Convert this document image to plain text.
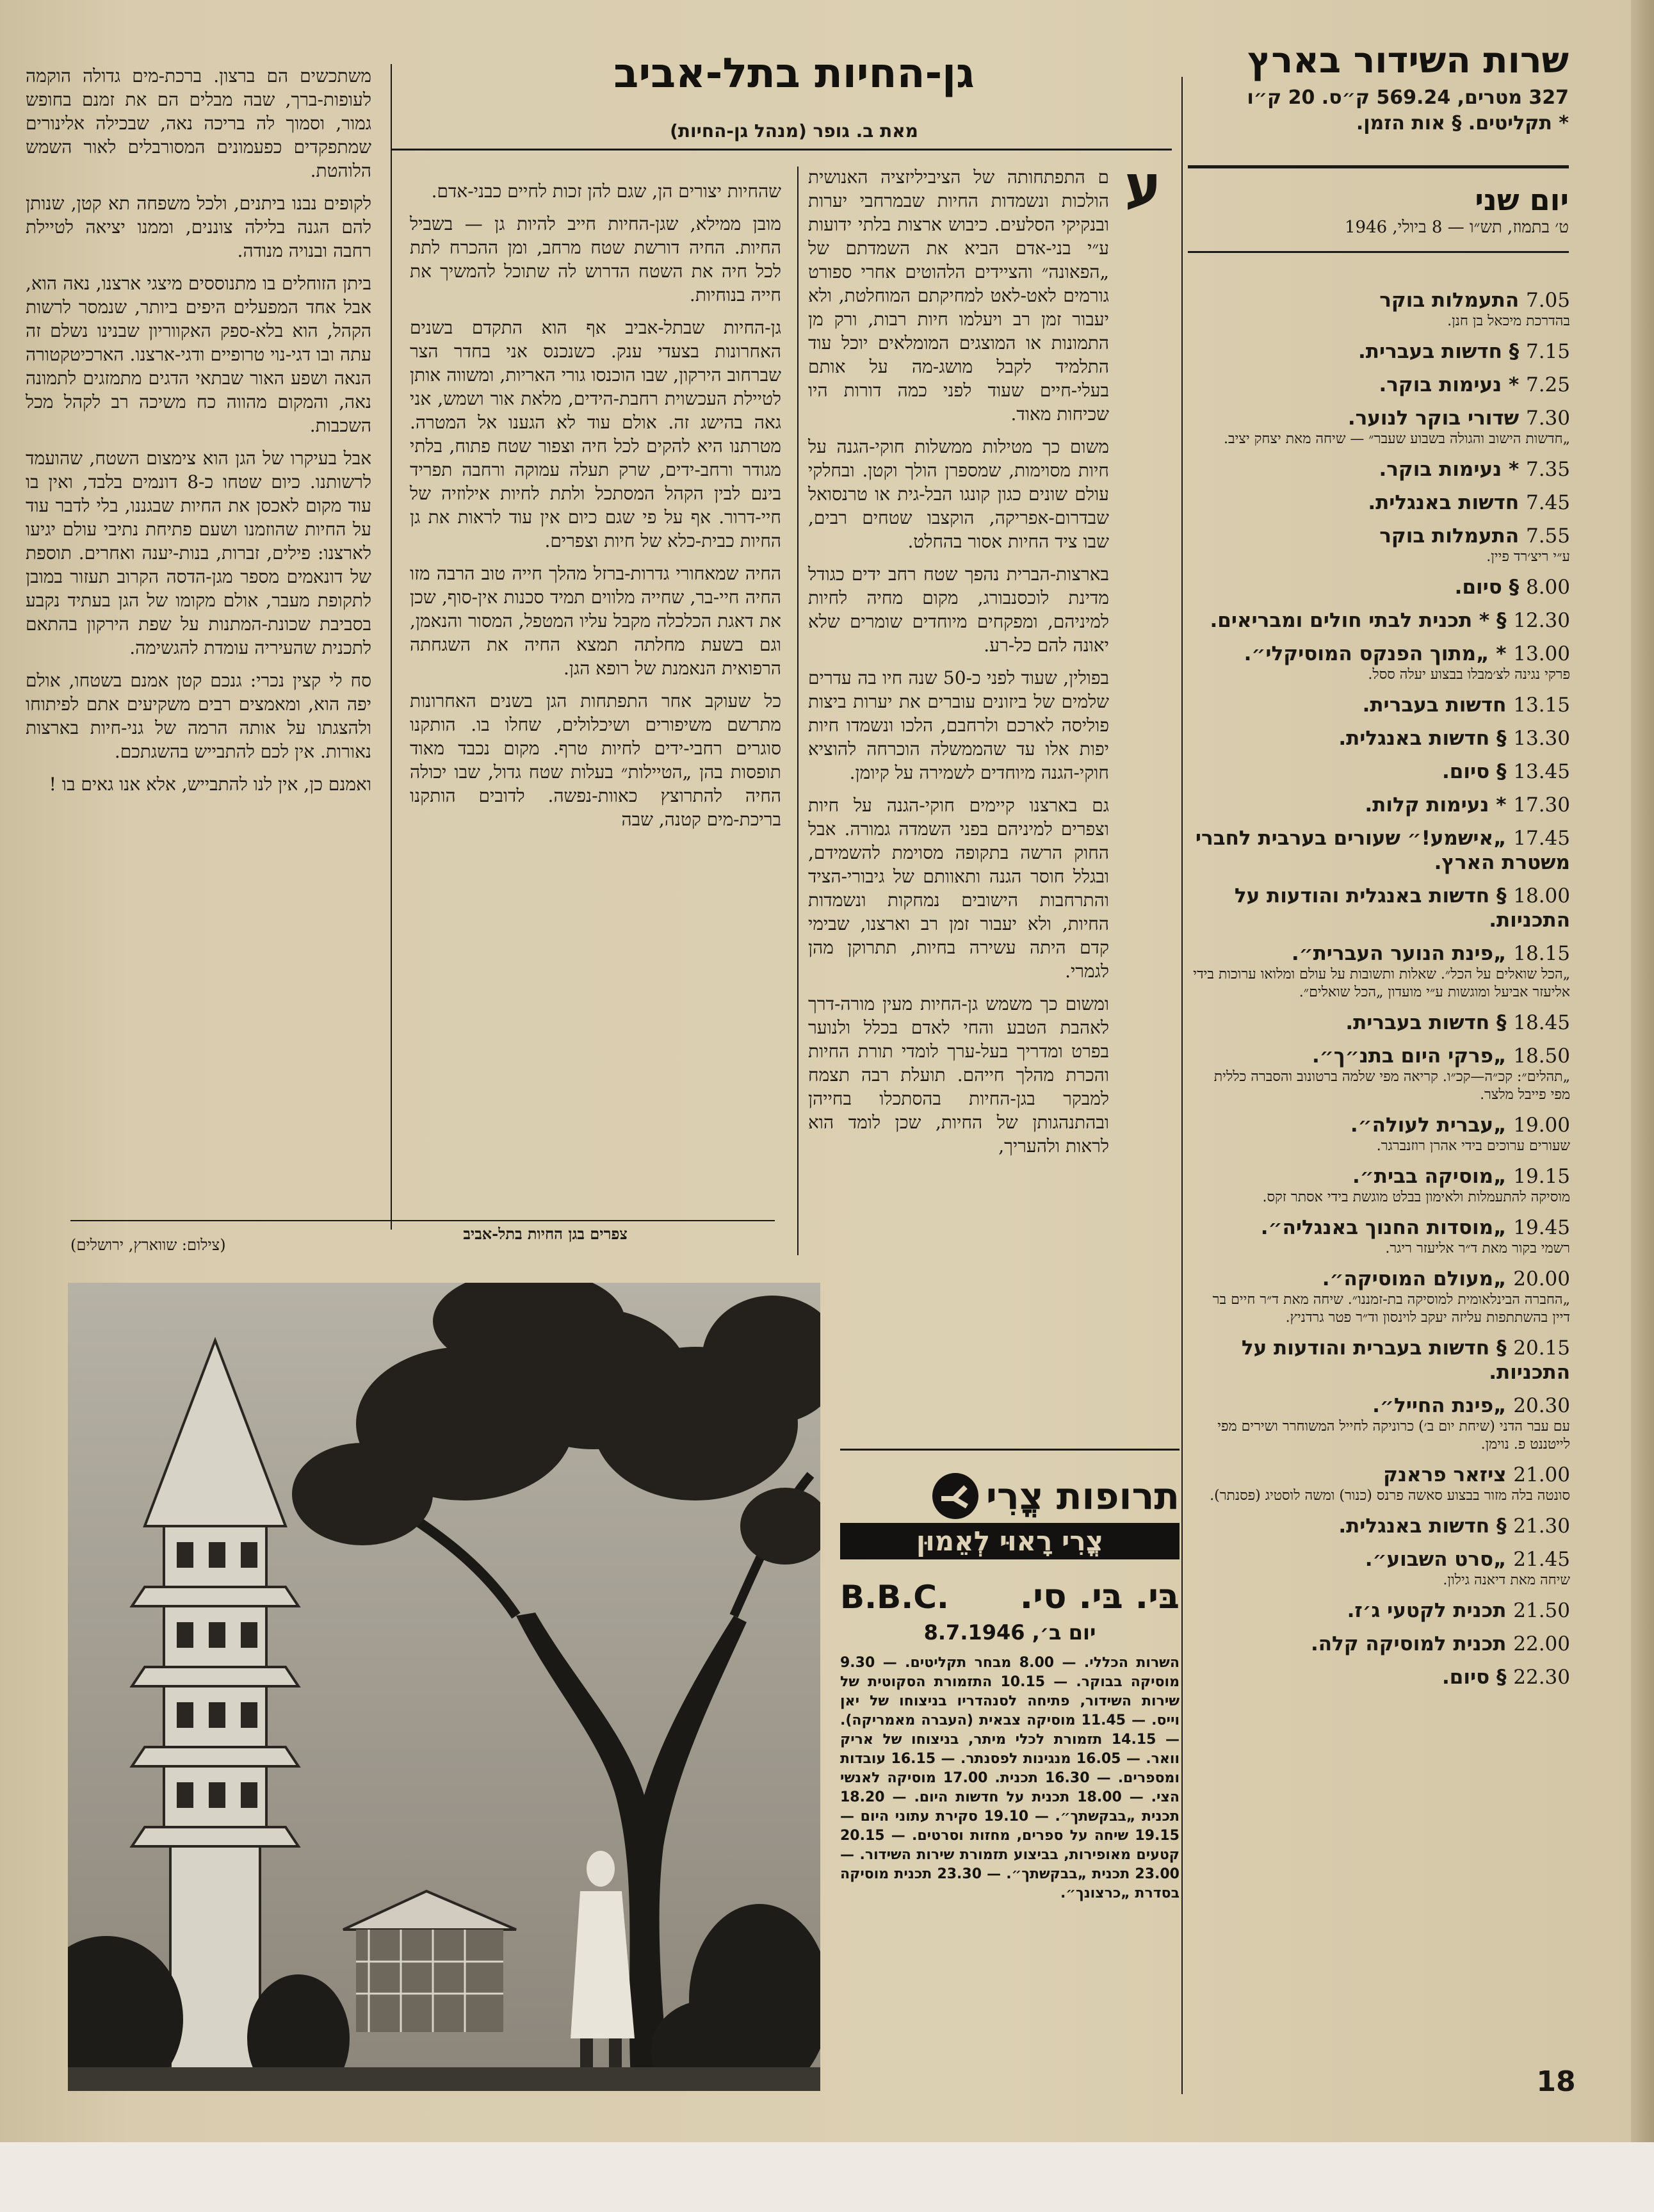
שרות השידור בארץ
327 מטרים, 569.24 ק״ס. 20 ק״ו
* תקליטים. § אות הזמן.
יום שני
ט׳ בתמוז, תש״ו — 8 ביולי, 1946
7.05 התעמלות בוקר
בהדרכת מיכאל בן חנן.
7.15 § חדשות בעברית.
7.25 * נעימות בוקר.
7.30 שדורי בוקר לנוער.
„חדשות הישוב והגולה בשבוע שעבר״ — שיחה מאת יצחק יציב.
7.35 * נעימות בוקר.
7.45 חדשות באנגלית.
7.55 התעמלות בוקר
ע״י ריצ׳רד פיין.
8.00 § סיום.
12.30 § * תכנית לבתי חולים ומבריאים.
13.00 * „מתוך הפנקס המוסיקלי״.
פרקי נגינה לצ׳מבלו בבצוע יעלה ססל.
13.15 חדשות בעברית.
13.30 § חדשות באנגלית.
13.45 § סיום.
17.30 * נעימות קלות.
17.45 „אישמע!״ שעורים בערבית לחברי משטרת הארץ.
18.00 § חדשות באנגלית והודעות על התכניות.
18.15 „פינת הנוער העברית״.
„הכל שואלים על הכל״. שאלות ותשובות על עולם ומלואו ערוכות בידי אליעזר אביעל ומוגשות ע״י מועדון „הכל שואלים״.
18.45 § חדשות בעברית.
18.50 „פרקי היום בתנ״ך״.
„תהלים״: קכ״ה—קכ״ו. קריאה מפי שלמה ברטונוב והסברה כללית מפי פייבל מלצר.
19.00 „עברית לעולה״.
שעורים ערוכים בידי אהרן רוזנברגר.
19.15 „מוסיקה בבית״.
מוסיקה להתעמלות ולאימון בבלט מוגשת בידי אסתר זקס.
19.45 „מוסדות החנוך באנגליה״.
רשמי בקור מאת ד״ר אליעזר ריגר.
20.00 „מעולם המוסיקה״.
„החברה הבינלאומית למוסיקה בת-זמננו״. שיחה מאת ד״ר חיים בר דיין בהשתתפות עליזה יעקב לוינסון וד״ר פטר גרדניץ.
20.15 § חדשות בעברית והודעות על התכניות.
20.30 „פינת החייל״.
עם עבר הדני (שיחת יום ב׳) כרוניקה לחייל המשוחרר ושירים מפי לייטננט פ. נוימן.
21.00 ציזאר פראנק
סונטה בלה מזור בבצוע סאשה פרנס (כנור) ומשה לוסטיג (פסנתר).
21.30 § חדשות באנגלית.
21.45 „סרט השבוע״.
שיחה מאת דיאנה גילון.
21.50 תכנית לקטעי ג׳ז.
22.00 תכנית למוסיקה קלה.
22.30 § סיום.
גן-החיות בתל-אביב
מאת ב. גופר (מנהל גן-החיות)
ע

ם התפתחותה של הציביליזציה האנושית הולכות ונשמדות החיות שבמרחבי יערות ובנקיקי הסלעים. כיבוש ארצות בלתי ידועות ע״י בני-אדם הביא את השמדתם של „הפאונה״ והציידים הלהוטים אחרי ספורט גורמים לאט-לאט למחיקתם המוחלטת, ולא יעבור זמן רב ויעלמו חיות רבות, ורק מן התמונות או המוצגים המומלאים יוכל עוד התלמיד לקבל מושג-מה על אותם בעלי-חיים שעוד לפני כמה דורות היו שכיחות מאוד.

משום כך מטילות ממשלות חוקי-הגנה על חיות מסוימות, שמספרן הולך וקטן. ובחלקי עולם שונים כגון קונגו הבל-גית או טרנסואל שבדרום-אפריקה, הוקצבו שטחים רבים, שבו ציד החיות אסור בהחלט.

בארצות-הברית נהפך שטח רחב ידים כגודל מדינת לוכסנבורג, מקום מחיה לחיות למיניהם, ומפקחים מיוחדים שומרים שלא יאונה להם כל-רע.

בפולין, שעוד לפני כ-50 שנה חיו בה עדרים שלמים של ביזונים עוברים את יערות ביצות פוליסה לארכם ולרחבם, הלכו ונשמדו חיות יפות אלו עד שהממשלה הוכרחה להוציא חוקי-הגנה מיוחדים לשמירה על קיומן.

גם בארצנו קיימים חוקי-הגנה על חיות וצפרים למיניהם בפני השמדה גמורה. אבל החוק הרשה בתקופה מסוימת להשמידם, ובגלל חוסר הגנה ותאוותם של גיבורי-הציד והתרחבות הישובים נמחקות ונשמדות החיות, ולא יעבור זמן רב וארצנו, שבימי קדם היתה עשירה בחיות, תתרוקן מהן לגמרי.

ומשום כך משמש גן-החיות מעין מורה-דרך לאהבת הטבע והחי לאדם בכלל ולנוער בפרט ומדריך בעל-ערך לומדי תורת החיות והכרת מהלך חייהם. תועלת רבה תצמח למבקר בגן-החיות בהסתכלו בחייהן ובהתנהגותן של החיות, שכן לומד הוא לראות ולהעריך,

שהחיות יצורים הן, שגם להן זכות לחיים כבני-אדם.

מובן ממילא, שגן-החיות חייב להיות גן — בשביל החיות. החיה דורשת שטח מרחב, ומן ההכרח לתת לכל חיה את השטח הדרוש לה שתוכל להמשיך את חייה בנוחיות.

גן-החיות שבתל-אביב אף הוא התקדם בשנים האחרונות בצעדי ענק. כשנכנס אני בחדר הצר שברחוב הירקון, שבו הוכנסו גורי האריות, ומשווה אותן לטיילת העכשוית רחבת-הידים, מלאת אור ושמש, אני גאה בהישג זה. אולם עוד לא הגענו אל המטרה. מטרתנו היא להקים לכל חיה וצפור שטח פתוח, בלתי מגודר ורחב-ידים, שרק תעלה עמוקה ורחבה תפריד בינם לבין הקהל המסתכל ולתת לחיות אילוזיה של חיי-דרור. אף על פי שגם כיום אין עוד לראות את גן החיות כבית-כלא של חיות וצפרים.

החיה שמאחורי גדרות-ברזל מהלך חייה טוב הרבה מזו החיה חיי-בר, שחייה מלווים תמיד סכנות אין-סוף, שכן את דאגת הכלכלה מקבל עליו המטפל, המסור והנאמן, וגם בשעת מחלתה תמצא החיה את השגחתה הרפואית הנאמנת של רופא הגן.

כל שעוקב אחר התפתחות הגן בשנים האחרונות מתרשם משיפורים ושיכלולים, שחלו בו. הותקנו סוגרים רחבי-ידים לחיות טרף. מקום נכבד מאוד תופסות בהן „הטיילות״ בעלות שטח גדול, שבו יכולה החיה להתרוצץ כאוות-נפשה. לדובים הותקנו בריכת-מים קטנה, שבה

משתכשים הם ברצון. ברכת-מים גדולה הוקמה לעופות-ברך, שבה מבלים הם את זמנם בחופש גמור, וסמוך לה בריכה נאה, שבכילה אלינורים שמתפקדים כפעמונים המסורבלים לאור השמש הלוהטת.

לקופים נבנו ביתנים, ולכל משפחה תא קטן, שנותן להם הגנה בלילה צוננים, וממנו יציאה לטיילת רחבה ובנויה מנודה.

ביתן הזוחלים בו מתנוססים מיצגי ארצנו, נאה הוא, אבל אחד המפעלים היפים ביותר, שנמסר לרשות הקהל, הוא בלא-ספק האקווריון שבנינו נשלם זה עתה ובו דגי-נוי טרופיים ודגי-ארצנו. הארכיטקטורה הנאה ושפע האור שבתאי הדגים מתמזגים לתמונה נאה, והמקום מהווה כח משיכה רב לקהל מכל השכבות.

אבל בעיקרו של הגן הוא צימצום השטח, שהועמד לרשותנו. כיום שטחו כ-8 דונמים בלבד, ואין בו עוד מקום לאכסן את החיות שבגננו, בלי לדבר עוד על החיות שהוזמנו ושעם פתיחת נתיבי עולם יגיעו לארצנו: פילים, זברות, בנות-יענה ואחרים. תוספת של דונאמים מספר מגן-הדסה הקרוב תעזור במובן לתקופת מעבר, אולם מקומו של הגן בעתיד נקבע בסביבת שכונת-המתנות על שפת הירקון בהתאם לתכנית שהעיריה עומדת להגשימה.

סח לי קצין נכרי: גנכם קטן אמנם בשטחו, אולם יפה הוא, ומאמצים רבים משקיעים אתם לפיתוחו ולהצגתו על אותה הרמה של גני-חיות בארצות נאורות. אין לכם להתבייש בהשגתכם.

ואמנם כן, אין לנו להתבייש, אלא אנו גאים בו !

צפרים בגן החיות בתל-אביב
(צילום: שווארץ, ירושלים)
תרופות צֳרִי
צֳרִי רָאוּי לְאֵמוּן
בּי. בּי. סי.
B.B.C.
יום ב׳, 8.7.1946
השרות הכללי. — 8.00 מבחר תקליטים. — 9.30 מוסיקה בבוקר. — 10.15 התזמורת הסקוטית של שירות השידור, פתיחה לסנהדריו בניצוחו של יאן וייס. — 11.45 מוסיקה צבאית (העברה מאמריקה). — 14.15 תזמורת לכלי מיתר, בניצוחו של אריק וואר. — 16.05 מנגינות לפסנתר. — 16.15 עובדות ומספרים. — 16.30 תכנית. 17.00 מוסיקה לאנשי הצי. — 18.00 תכנית על חדשות היום. — 18.20 תכנית „בבקשתך״. — 19.10 סקירת עתוני היום — 19.15 שיחה על ספרים, מחזות וסרטים. — 20.15 קטעים מאופירות, בביצוע תזמורת שירות השידור. — 23.00 תכנית „בבקשתך״. — 23.30 תכנית מוסיקה בסדרת „כרצונך״.
18
